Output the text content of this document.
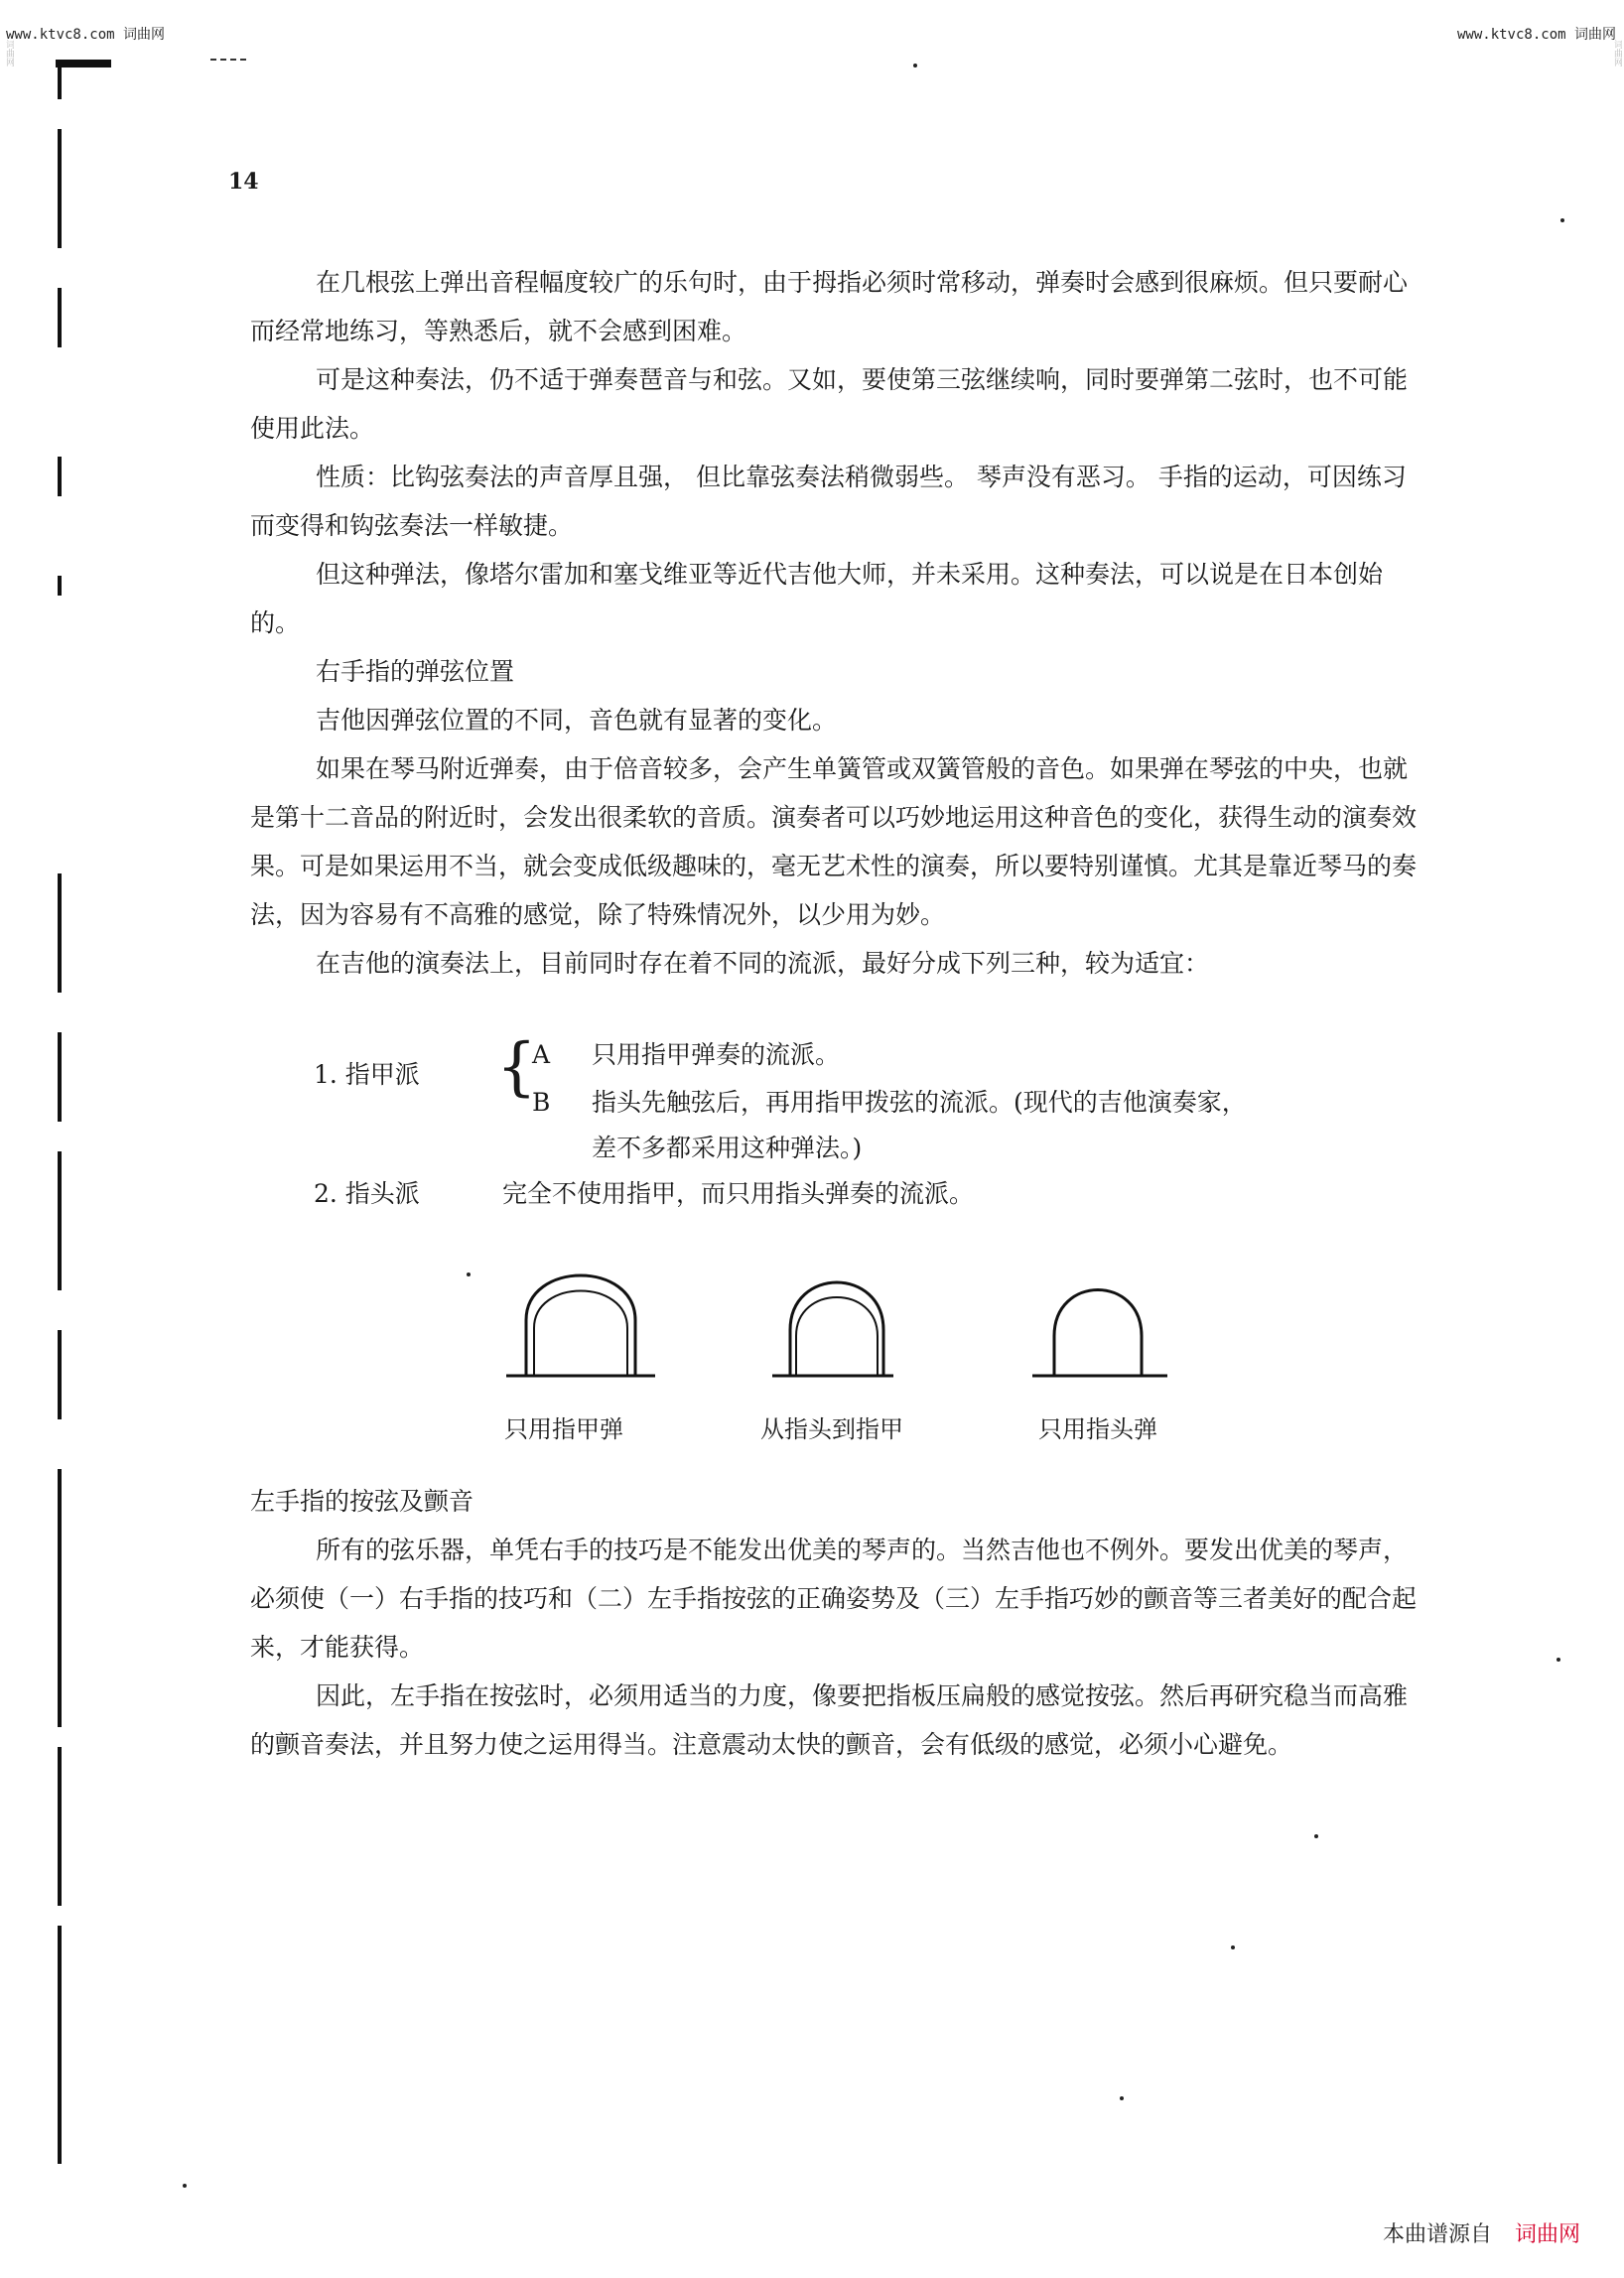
www.ktvc8.com 词曲网	www.ktvc8.com 词曲网
词曲网	词曲网
14

在几根弦上弹出音程幅度较广的乐句时，由于拇指必须时常移动，弹奏时会感到很麻烦。但只要耐心而经常地练习，等熟悉后，就不会感到困难。

可是这种奏法，仍不适于弹奏琶音与和弦。又如，要使第三弦继续响，同时要弹第二弦时，也不可能使用此法。

性质：比钩弦奏法的声音厚且强， 但比靠弦奏法稍微弱些。 琴声没有恶习。 手指的运动，可因练习而变得和钩弦奏法一样敏捷。

但这种弹法，像塔尔雷加和塞戈维亚等近代吉他大师，并未采用。这种奏法，可以说是在日本创始的。

右手指的弹弦位置

吉他因弹弦位置的不同，音色就有显著的变化。

如果在琴马附近弹奏，由于倍音较多，会产生单簧管或双簧管般的音色。如果弹在琴弦的中央，也就是第十二音品的附近时，会发出很柔软的音质。演奏者可以巧妙地运用这种音色的变化，获得生动的演奏效果。可是如果运用不当，就会变成低级趣味的，毫无艺术性的演奏，所以要特别谨慎。尤其是靠近琴马的奏法，因为容易有不高雅的感觉，除了特殊情况外，以少用为妙。

在吉他的演奏法上，目前同时存在着不同的流派，最好分成下列三种，较为适宜：

1. 指甲派 {
A 只用指甲弹奏的流派。
B 指头先触弦后，再用指甲拨弦的流派。(现代的吉他演奏家，
差不多都采用这种弹法。)
2. 指头派	完全不使用指甲，而只用指头弹奏的流派。
只用指甲弹	从指头到指甲	只用指头弹

左手指的按弦及颤音

所有的弦乐器，单凭右手的技巧是不能发出优美的琴声的。当然吉他也不例外。要发出优美的琴声，必须使（一）右手指的技巧和（二）左手指按弦的正确姿势及（三）左手指巧妙的颤音等三者美好的配合起来，才能获得。

因此，左手指在按弦时，必须用适当的力度，像要把指板压扁般的感觉按弦。然后再研究稳当而高雅的颤音奏法，并且努力使之运用得当。注意震动太快的颤音，会有低级的感觉，必须小心避免。

本曲谱源自 词曲网
